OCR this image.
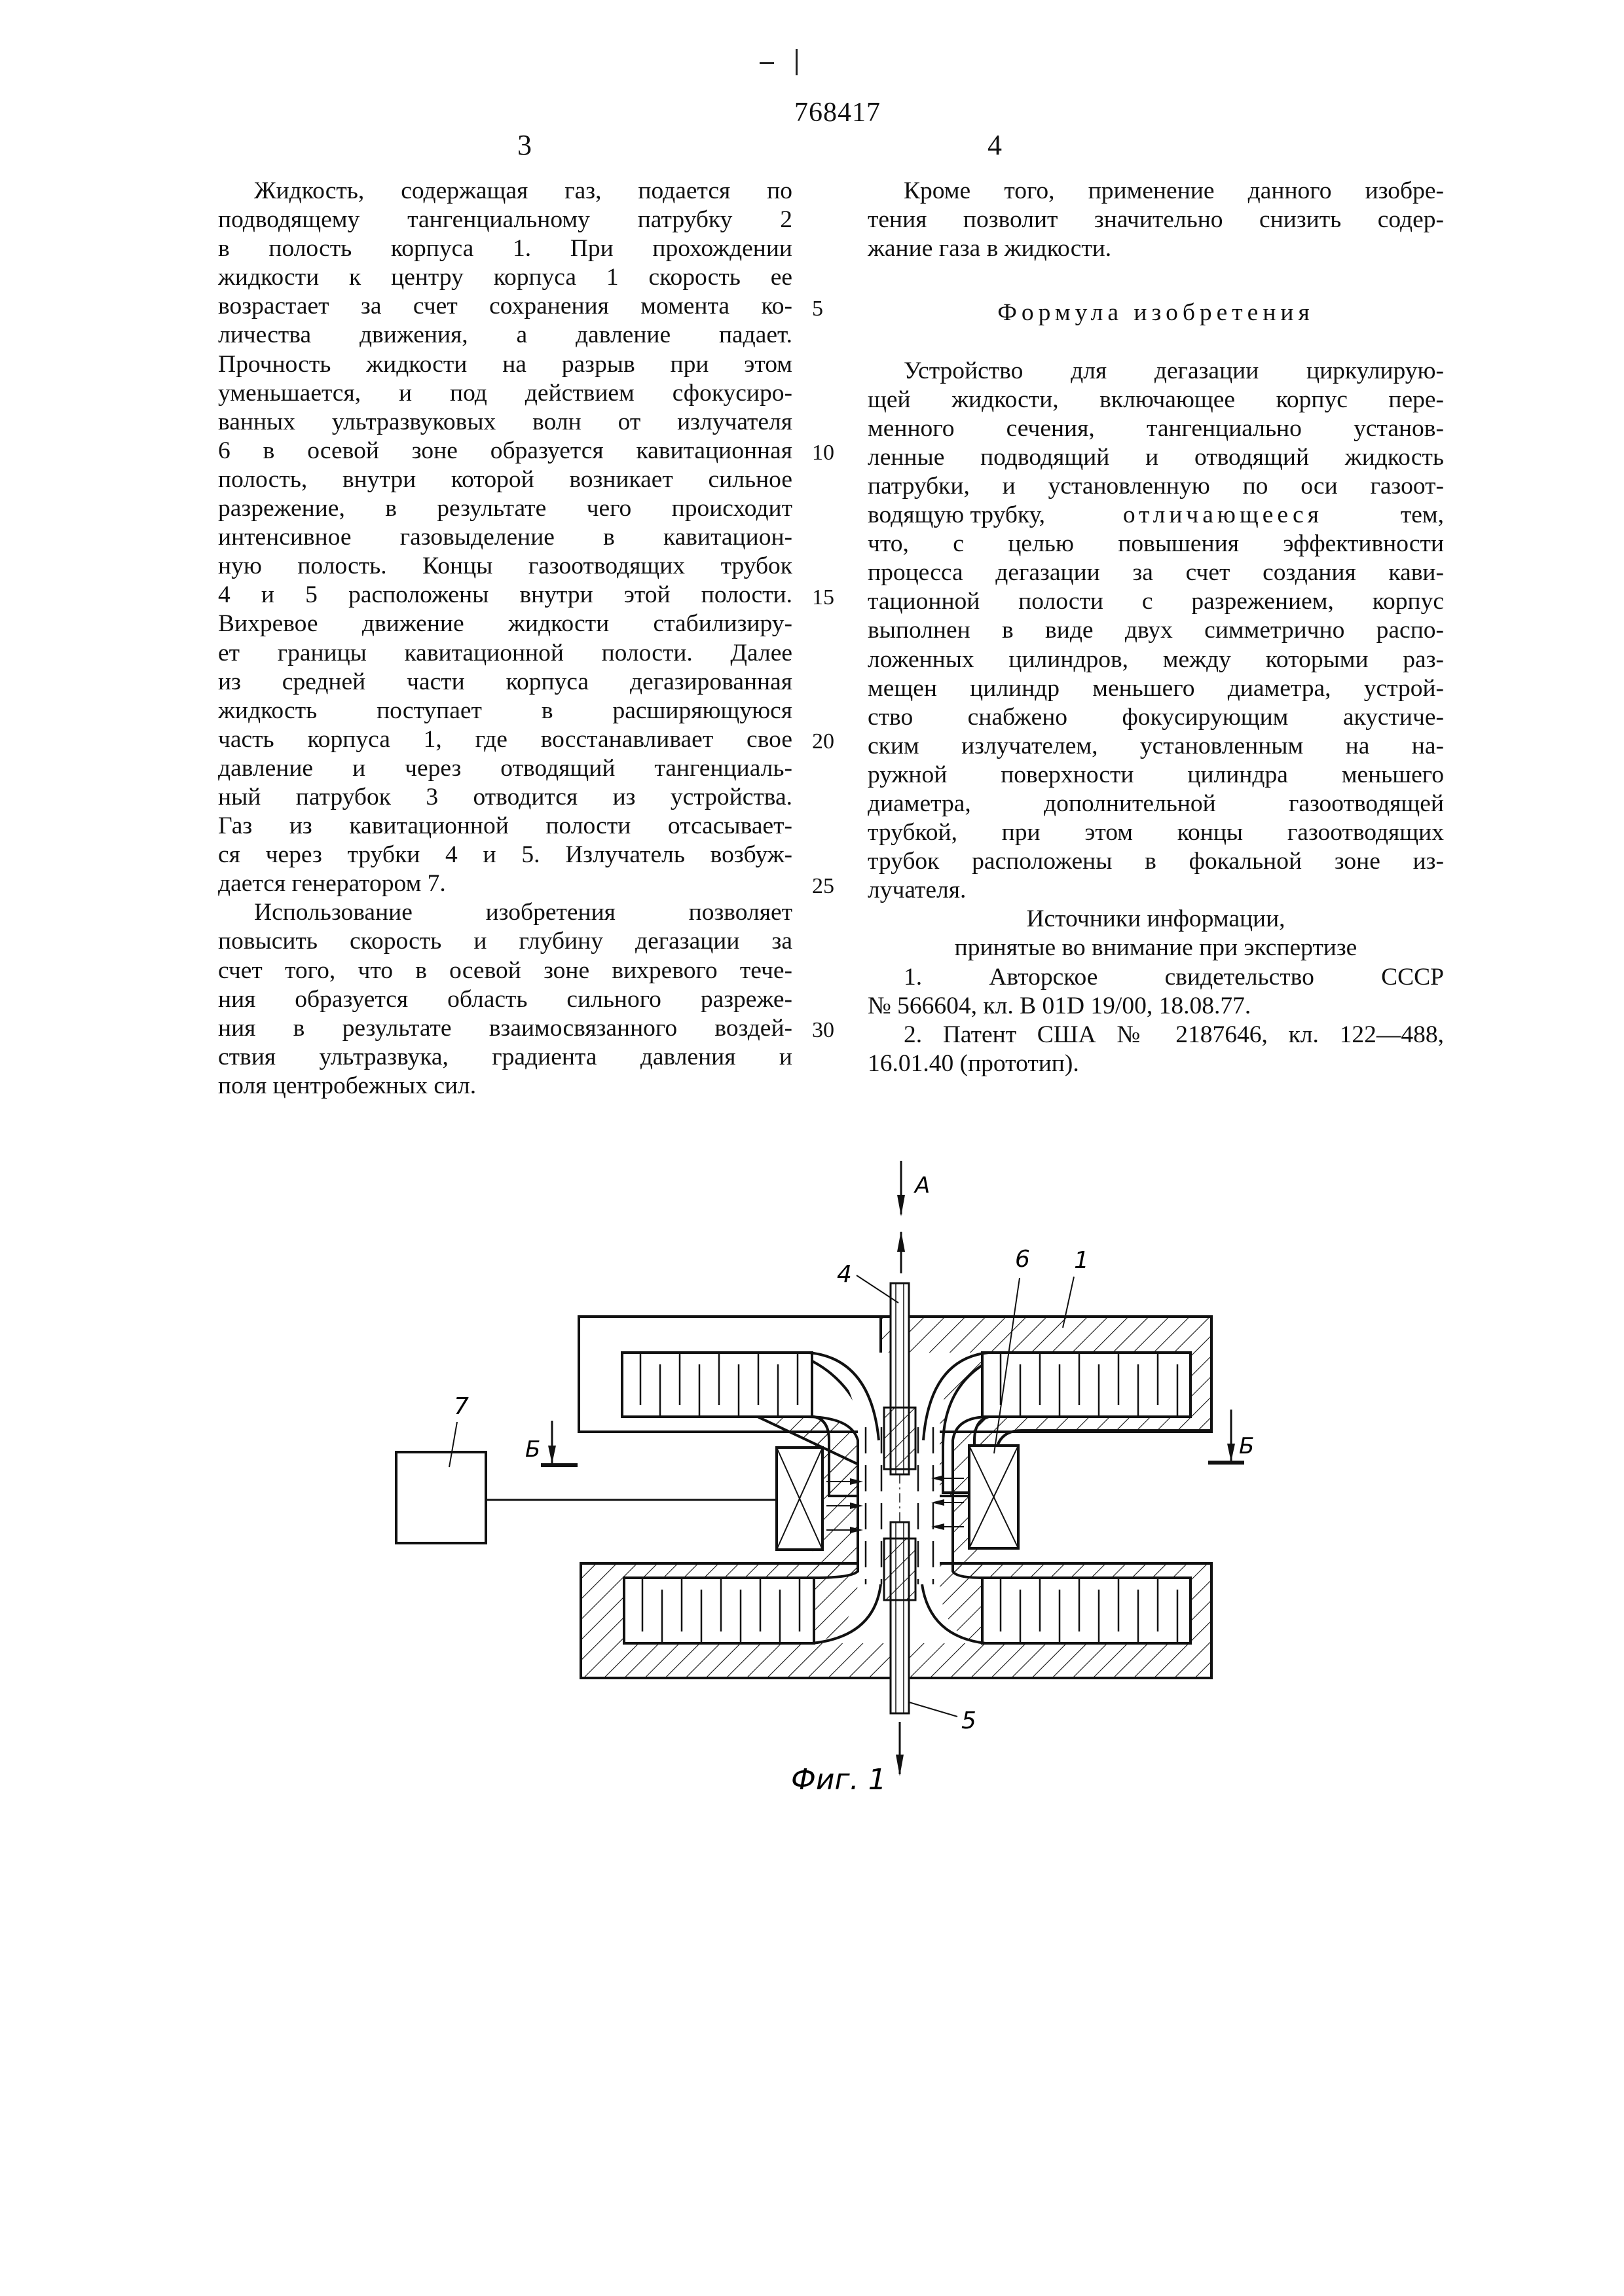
768417
3	4
Жидкость, содержащая газ, подается по
подводящему тангенциальному патрубку 2
в полость корпуса 1. При прохождении
жидкости к центру корпуса 1 скорость ее
возрастает за счет сохранения момента ко-
личества движения, а давление падает.
Прочность жидкости на разрыв при этом
уменьшается, и под действием сфокусиро-
ванных ультразвуковых волн от излучателя
6 в осевой зоне образуется кавитационная
полость, внутри которой возникает сильное
разрежение, в результате чего происходит
интенсивное газовыделение в кавитацион-
ную полость. Концы газоотводящих трубок
4 и 5 расположены внутри этой полости.
Вихревое движение жидкости стабилизиру-
ет границы кавитационной полости. Далее
из средней части корпуса дегазированная
жидкость поступает в расширяющуюся
часть корпуса 1, где восстанавливает свое
давление и через отводящий тангенциаль-
ный патрубок 3 отводится из устройства.
Газ из кавитационной полости отсасывает-
ся через трубки 4 и 5. Излучатель возбуж-
дается генератором 7.
Использование изобретения позволяет
повысить скорость и глубину дегазации за
счет того, что в осевой зоне вихревого тече-
ния образуется область сильного разреже-
ния в результате взаимосвязанного воздей-
ствия ультразвука, градиента давления и
поля центробежных сил.
5
10
15
20
25
30
Кроме того, применение данного изобре-
тения позволит значительно снизить содер-
жание газа в жидкости.
Формула изобретения
Устройство для дегазации циркулирую-
щей жидкости, включающее корпус пере-
менного сечения, тангенциально установ-
ленные подводящий и отводящий жидкость
патрубки, и установленную по оси газоот-
водящую трубку,	отличающееся	тем,
что, с целью повышения эффективности
процесса дегазации за счет создания кави-
тационной полости с разрежением, корпус
выполнен в виде двух симметрично распо-
ложенных цилиндров, между которыми раз-
мещен цилиндр меньшего диаметра, устрой-
ство снабжено фокусирующим акустиче-
ским излучателем, установленным на на-
ружной поверхности цилиндра меньшего
диаметра, дополнительной газоотводящей
трубкой, при этом концы газоотводящих
трубок расположены в фокальной зоне из-
лучателя.
Источники информации,
принятые во внимание при экспертизе
1. Авторское свидетельство СССР
№ 566604, кл. В 01D 19/00, 18.08.77.
2. Патент США № 2187646, кл. 122—488,
16.01.40 (прототип).
А
4
6 1
7
Б	Б
5
Фиг. 1
